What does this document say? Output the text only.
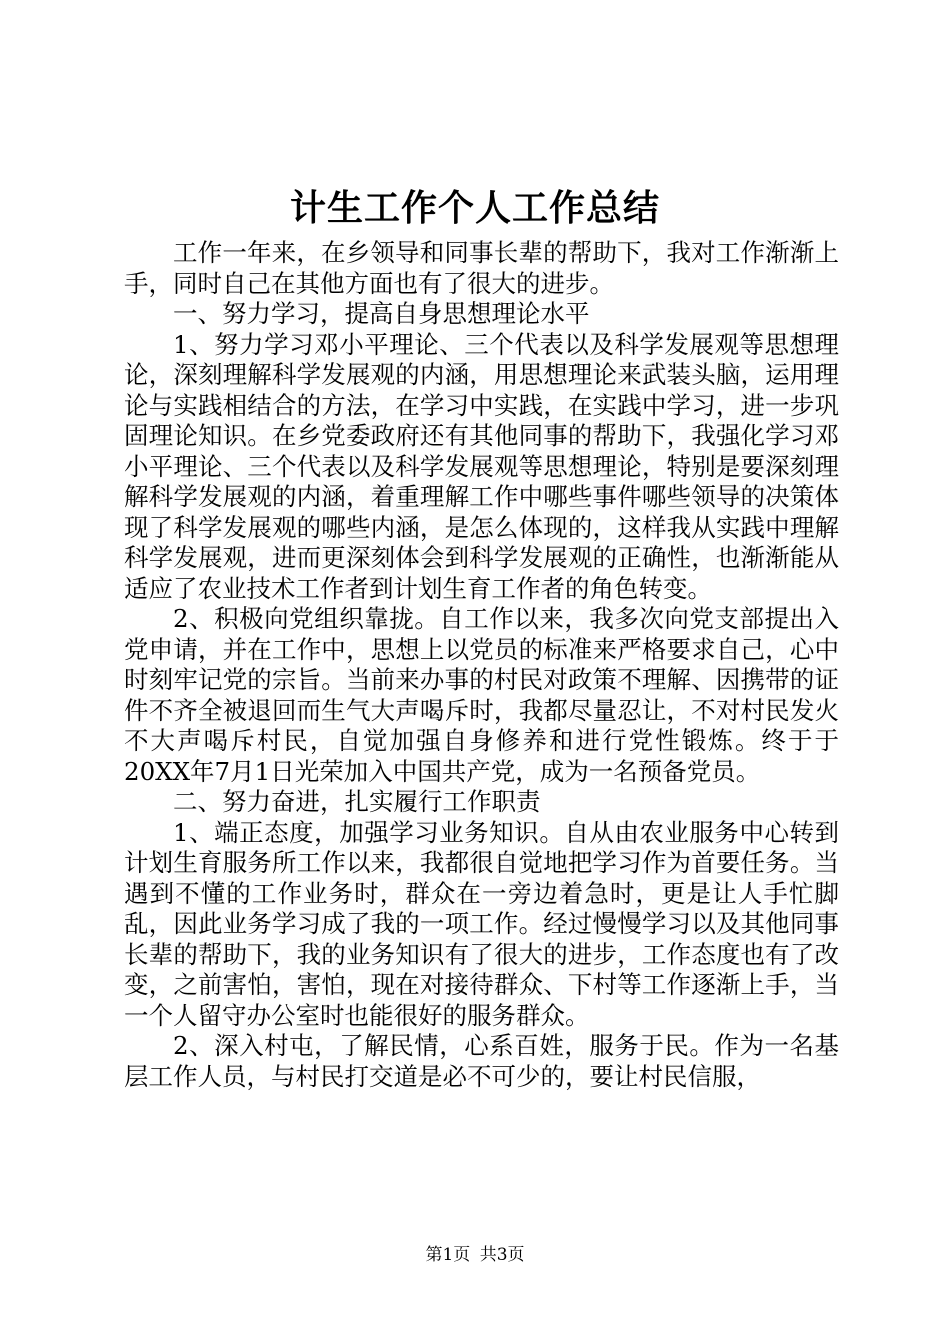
计生工作个人工作总结

工作一年来，在乡领导和同事长辈的帮助下，我对工作渐渐上手，同时自己在其他方面也有了很大的进步。

一、努力学习，提高自身思想理论水平

1、努力学习邓小平理论、三个代表以及科学发展观等思想理论，深刻理解科学发展观的内涵，用思想理论来武装头脑，运用理论与实践相结合的方法，在学习中实践，在实践中学习，进一步巩固理论知识。在乡党委政府还有其他同事的帮助下，我强化学习邓小平理论、三个代表以及科学发展观等思想理论，特别是要深刻理解科学发展观的内涵，着重理解工作中哪些事件哪些领导的决策体现了科学发展观的哪些内涵，是怎么体现的，这样我从实践中理解科学发展观，进而更深刻体会到科学发展观的正确性，也渐渐能从适应了农业技术工作者到计划生育工作者的角色转变。

2、积极向党组织靠拢。自工作以来，我多次向党支部提出入党申请，并在工作中，思想上以党员的标准来严格要求自己，心中时刻牢记党的宗旨。当前来办事的村民对政策不理解、因携带的证件不齐全被退回而生气大声喝斥时，我都尽量忍让，不对村民发火不大声喝斥村民，自觉加强自身修养和进行党性锻炼。终于于20XX年7月1日光荣加入中国共产党，成为一名预备党员。

二、努力奋进，扎实履行工作职责

1、端正态度，加强学习业务知识。自从由农业服务中心转到计划生育服务所工作以来，我都很自觉地把学习作为首要任务。当遇到不懂的工作业务时，群众在一旁边着急时，更是让人手忙脚乱，因此业务学习成了我的一项工作。经过慢慢学习以及其他同事长辈的帮助下，我的业务知识有了很大的进步，工作态度也有了改变，之前害怕，害怕，现在对接待群众、下村等工作逐渐上手，当一个人留守办公室时也能很好的服务群众。

2、深入村屯，了解民情，心系百姓，服务于民。作为一名基层工作人员，与村民打交道是必不可少的，要让村民信服，

第1页 共3页
